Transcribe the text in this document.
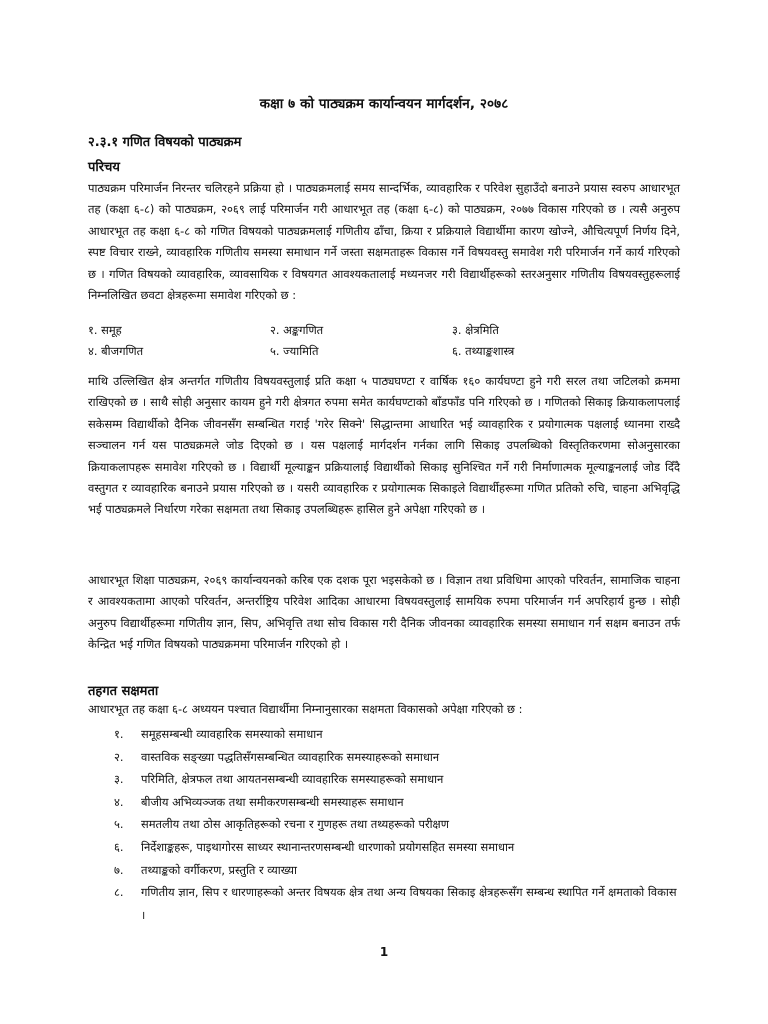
कक्षा ७ को पाठ्यक्रम कार्यान्वयन मार्गदर्शन, २०७८
२.३.१ गणित विषयको पाठ्यक्रम
परिचय

पाठ्यक्रम परिमार्जन निरन्तर चलिरहने प्रक्रिया हो । पाठ्यक्रमलाई समय सान्दर्भिक, व्यावहारिक र परिवेश सुहाउँदो बनाउने प्रयास स्वरुप आधारभूत तह (कक्षा ६-८) को पाठ्यक्रम, २०६९ लाई परिमार्जन गरी आधारभूत तह (कक्षा ६-८) को पाठ्यक्रम, २०७७ विकास गरिएको छ । त्यसै अनुरुप आधारभूत तह कक्षा ६-८ को गणित विषयको पाठ्यक्रमलाई गणितीय ढाँचा, क्रिया र प्रक्रियाले विद्यार्थीमा कारण खोज्ने, औचित्यपूर्ण निर्णय दिने, स्पष्ट विचार राख्ने, व्यावहारिक गणितीय समस्या समाधान गर्ने जस्ता सक्षमताहरू विकास गर्ने विषयवस्तु समावेश गरी परिमार्जन गर्ने कार्य गरिएको छ । गणित विषयको व्यावहारिक, व्यावसायिक र विषयगत आवश्यकतालाई मध्यनजर गरी विद्यार्थीहरूको स्तरअनुसार गणितीय विषयवस्तुहरूलाई निम्नलिखित छवटा क्षेत्रहरूमा समावेश गरिएको छ :

१. समूह	२. अङ्कगणित	३. क्षेत्रमिति
४. बीजगणित	५. ज्यामिति	६. तथ्याङ्कशास्त्र

माथि उल्लिखित क्षेत्र अन्तर्गत गणितीय विषयवस्तुलाई प्रति कक्षा ५ पाठ्यघण्टा र वार्षिक १६० कार्यघण्टा हुने गरी सरल तथा जटिलको क्रममा राखिएको छ । साथै सोही अनुसार कायम हुने गरी क्षेत्रगत रुपमा समेत कार्यघण्टाको बाँडफाँड पनि गरिएको छ । गणितको सिकाइ क्रियाकलापलाई सकेसम्म विद्यार्थीको दैनिक जीवनसँग सम्बन्धित गराई 'गरेर सिक्ने' सिद्धान्तमा आधारित भई व्यावहारिक र प्रयोगात्मक पक्षलाई ध्यानमा राख्दै सञ्चालन गर्न यस पाठ्यक्रमले जोड दिएको छ । यस पक्षलाई मार्गदर्शन गर्नका लागि सिकाइ उपलब्धिको विस्तृतिकरणमा सोअनुसारका क्रियाकलापहरू समावेश गरिएको छ । विद्यार्थी मूल्याङ्कन प्रक्रियालाई विद्यार्थीको सिकाइ सुनिश्चित गर्ने गरी निर्माणात्मक मूल्याङ्कनलाई जोड दिँदै वस्तुगत र व्यावहारिक बनाउने प्रयास गरिएको छ । यसरी व्यावहारिक र प्रयोगात्मक सिकाइले विद्यार्थीहरूमा गणित प्रतिको रुचि, चाहना अभिवृद्धि भई पाठ्यक्रमले निर्धारण गरेका सक्षमता तथा सिकाइ उपलब्धिहरू हासिल हुने अपेक्षा गरिएको छ ।

आधारभूत शिक्षा पाठ्यक्रम, २०६९ कार्यान्वयनको करिब एक दशक पूरा भइसकेको छ । विज्ञान तथा प्रविधिमा आएको परिवर्तन, सामाजिक चाहना र आवश्यकतामा आएको परिवर्तन, अन्तर्राष्ट्रिय परिवेश आदिका आधारमा विषयवस्तुलाई सामयिक रुपमा परिमार्जन गर्न अपरिहार्य हुन्छ । सोही अनुरुप विद्यार्थीहरूमा गणितीय ज्ञान, सिप, अभिवृत्ति तथा सोच विकास गरी दैनिक जीवनका व्यावहारिक समस्या समाधान गर्न सक्षम बनाउन तर्फ केन्द्रित भई गणित विषयको पाठ्यक्रममा परिमार्जन गरिएको हो ।

तहगत सक्षमता

आधारभूत तह कक्षा ६-८ अध्ययन पश्चात विद्यार्थीमा निम्नानुसारका सक्षमता विकासको अपेक्षा गरिएको छ :

१. समूहसम्बन्धी व्यावहारिक समस्याको समाधान
२. वास्तविक सङ्ख्या पद्धतिसँगसम्बन्धित व्यावहारिक समस्याहरूको समाधान
३. परिमिति, क्षेत्रफल तथा आयतनसम्बन्धी व्यावहारिक समस्याहरूको समाधान
४. बीजीय अभिव्यञ्जक तथा समीकरणसम्बन्धी समस्याहरू समाधान
५. समतलीय तथा ठोस आकृतिहरूको रचना र गुणहरू तथा तथ्यहरूको परीक्षण
६. निर्देशाङ्कहरू, पाइथागोरस साध्यर स्थानान्तरणसम्बन्धी धारणाको प्रयोगसहित समस्या समाधान
७. तथ्याङ्कको वर्गीकरण, प्रस्तुति र व्याख्या
८. गणितीय ज्ञान, सिप र धारणाहरूको अन्तर विषयक क्षेत्र तथा अन्य विषयका सिकाइ क्षेत्रहरूसँग सम्बन्ध स्थापित गर्ने क्षमताको विकास ।
1
